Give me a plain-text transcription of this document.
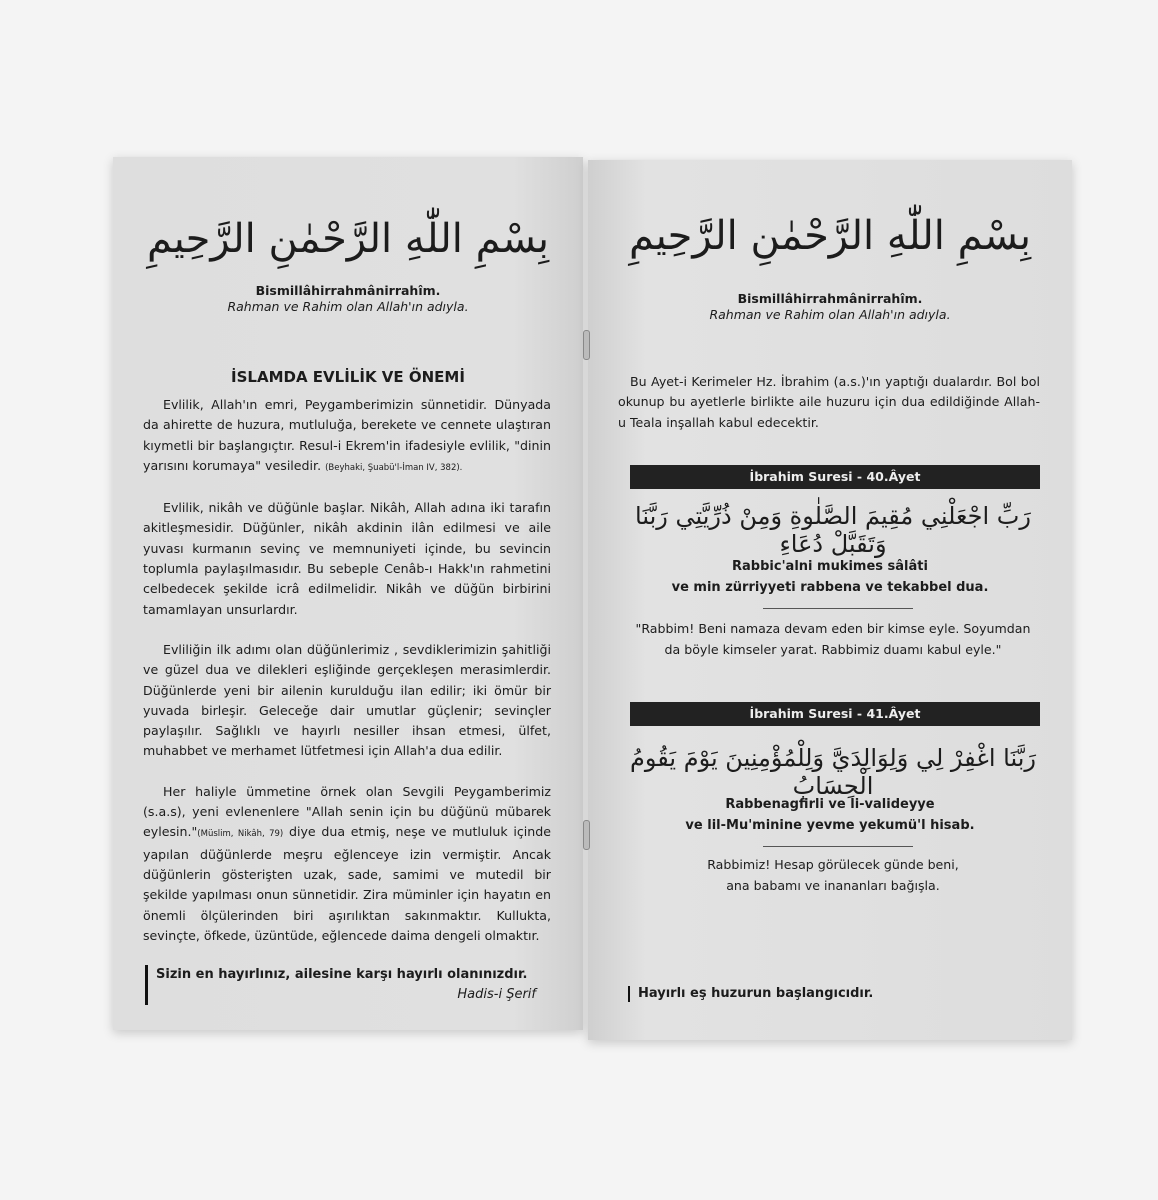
بِسْمِ اللّٰهِ الرَّحْمٰنِ الرَّحِيمِ
Bismillâhirrahmânirrahîm.
Rahman ve Rahim olan Allah'ın adıyla.
İSLAMDA EVLİLİK VE ÖNEMİ

Evlilik, Allah'ın emri, Peygamberimizin sünnetidir. Dünyada da ahirette de huzura, mutluluğa, berekete ve cennete ulaştıran kıymetli bir başlangıçtır. Resul-i Ekrem'in ifadesiyle evlilik, "dinin yarısını korumaya" vesiledir. (Beyhaki, Şuabü'l-İman IV, 382).

Evlilik, nikâh ve düğünle başlar. Nikâh, Allah adına iki tarafın akitleşmesidir. Düğünler, nikâh akdinin ilân edilmesi ve aile yuvası kurmanın sevinç ve memnuniyeti içinde, bu sevincin toplumla paylaşılmasıdır. Bu sebeple Cenâb-ı Hakk'ın rahmetini celbedecek şekilde icrâ edilmelidir. Nikâh ve düğün birbirini tamamlayan unsurlardır.

Evliliğin ilk adımı olan düğünlerimiz , sevdiklerimizin şahitliği ve güzel dua ve dilekleri eşliğinde gerçekleşen merasimlerdir. Düğünlerde yeni bir ailenin kurulduğu ilan edilir; iki ömür bir yuvada birleşir. Geleceğe dair umutlar güçlenir; sevinçler paylaşılır. Sağlıklı ve hayırlı nesiller ihsan etmesi, ülfet, muhabbet ve merhamet lütfetmesi için Allah'a dua edilir.

Her haliyle ümmetine örnek olan Sevgili Peygamberimiz (s.a.s), yeni evlenenlere "Allah senin için bu düğünü mübarek eylesin."(Müslim, Nikâh, 79) diye dua etmiş, neşe ve mutluluk içinde yapılan düğünlerde meşru eğlenceye izin vermiştir. Ancak düğünlerin gösterişten uzak, sade, samimi ve mutedil bir şekilde yapılması onun sünnetidir. Zira müminler için hayatın en önemli ölçülerinden biri aşırılıktan sakınmaktır. Kullukta, sevinçte, öfkede, üzüntüde, eğlencede daima dengeli olmaktır.

Sizin en hayırlınız, ailesine karşı hayırlı olanınızdır.
Hadis-i Şerif
بِسْمِ اللّٰهِ الرَّحْمٰنِ الرَّحِيمِ
Bismillâhirrahmânirrahîm.
Rahman ve Rahim olan Allah'ın adıyla.
Bu Ayet-i Kerimeler Hz. İbrahim (a.s.)'ın yaptığı dualardır. Bol bol okunup bu ayetlerle birlikte aile huzuru için dua edildiğinde Allah-u Teala inşallah kabul edecektir.
İbrahim Suresi - 40.Âyet
رَبِّ اجْعَلْنِي مُقِيمَ الصَّلٰوةِ وَمِنْ ذُرِّيَّتِي رَبَّنَا وَتَقَبَّلْ دُعَاءِ
Rabbic'alni mukimes sâlâti
ve min zürriyyeti rabbena ve tekabbel dua.
"Rabbim! Beni namaza devam eden bir kimse eyle. Soyumdan
da böyle kimseler yarat. Rabbimiz duamı kabul eyle."
İbrahim Suresi - 41.Âyet
رَبَّنَا اغْفِرْ لِي وَلِوَالِدَيَّ وَلِلْمُؤْمِنِينَ يَوْمَ يَقُومُ الْحِسَابُ
Rabbenagfirli ve li-valideyye
ve lil-Mu'minine yevme yekumü'l hisab.
Rabbimiz! Hesap görülecek günde beni,
ana babamı ve inananları bağışla.
Hayırlı eş huzurun başlangıcıdır.
